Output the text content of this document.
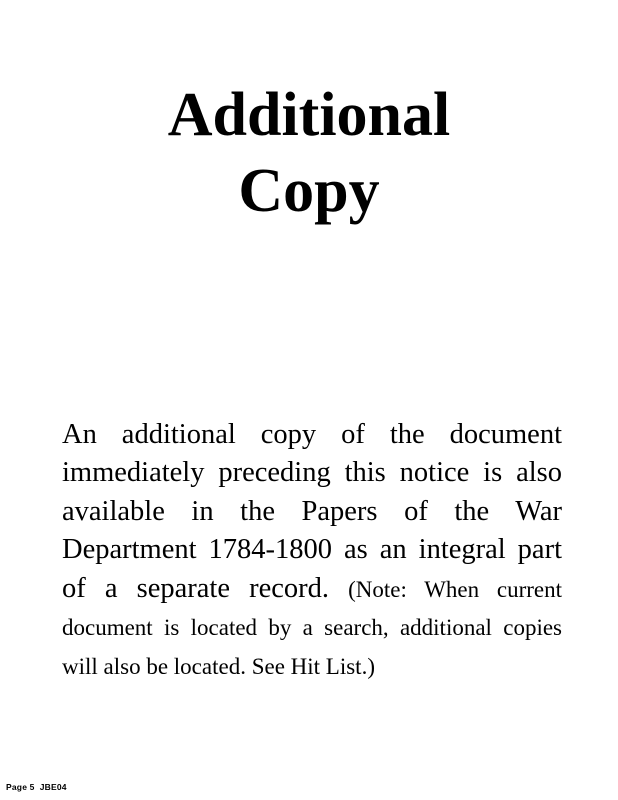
Additional
Copy

An additional copy of the document immediately preceding this notice is also available in the Papers of the War Department 1784-1800 as an integral part of a separate record. (Note: When current document is located by a search, additional copies will also be located. See Hit List.)

Page 5  JBE04
